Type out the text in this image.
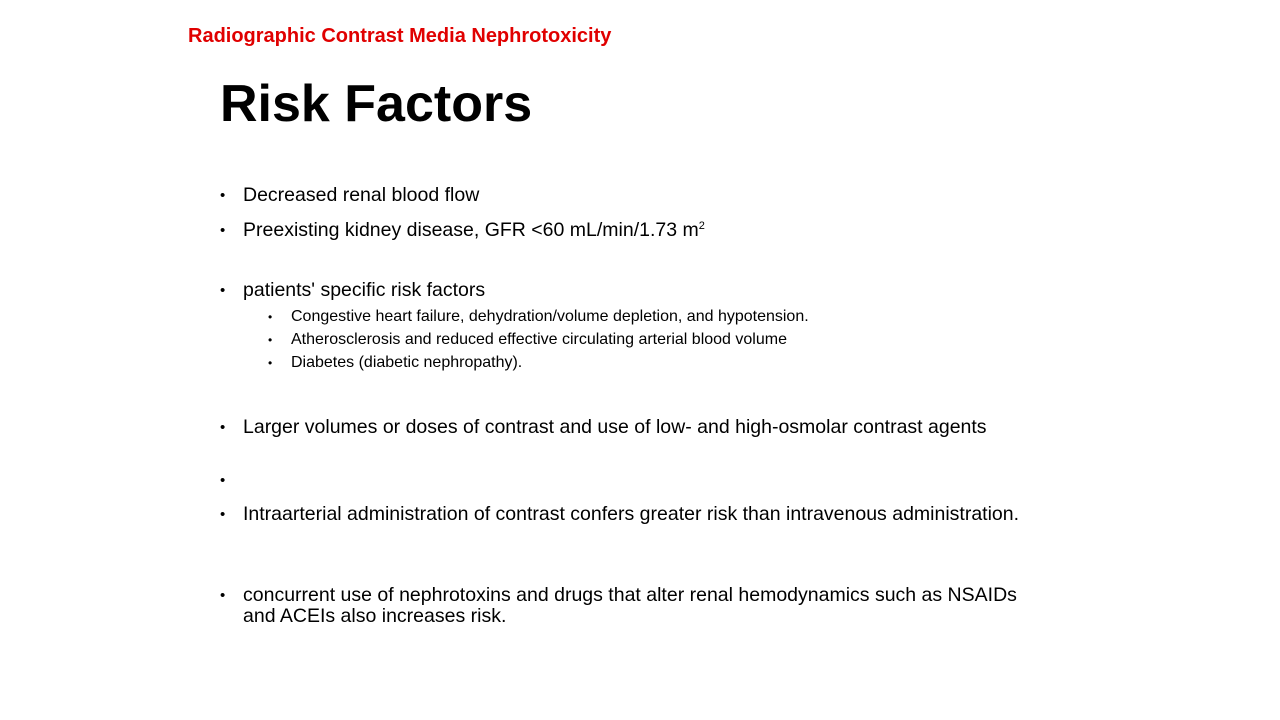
Radiographic Contrast Media Nephrotoxicity
Risk Factors
• Decreased renal blood flow
• Preexisting kidney disease, GFR <60 mL/min/1.73 $m^2$
• patients' specific risk factors
• Congestive heart failure, dehydration/volume depletion, and hypotension.
• Atherosclerosis and reduced effective circulating arterial blood volume
• Diabetes (diabetic nephropathy).
• Larger volumes or doses of contrast and use of low- and high-osmolar contrast agents
•
• Intraarterial administration of contrast confers greater risk than intravenous administration.
• concurrent use of nephrotoxins and drugs that alter renal hemodynamics such as NSAIDs and ACEIs also increases risk.
